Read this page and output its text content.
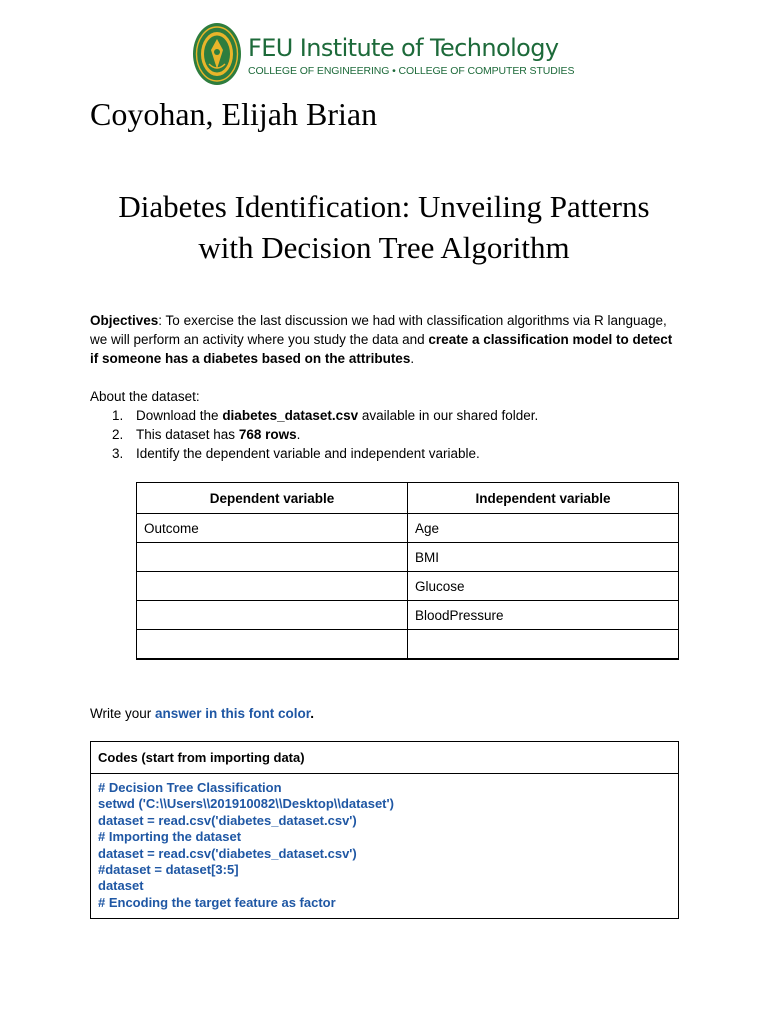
FEU Institute of Technology
COLLEGE OF ENGINEERING • COLLEGE OF COMPUTER STUDIES
Coyohan, Elijah Brian
Diabetes Identification: Unveiling Patterns
with Decision Tree Algorithm
Objectives: To exercise the last discussion we had with classification algorithms via R language, we will perform an activity where you study the data and create a classification model to detect if someone has a diabetes based on the attributes.
About the dataset:
1. Download the diabetes_dataset.csv available in our shared folder.
2. This dataset has 768 rows.
3. Identify the dependent variable and independent variable.
Dependent variable	Independent variable
Outcome	Age
	BMI
	Glucose
	BloodPressure

Write your answer in this font color.
Codes (start from importing data)
# Decision Tree Classification
setwd ('C:\\Users\\201910082\\Desktop\\dataset')
dataset = read.csv('diabetes_dataset.csv')
# Importing the dataset
dataset = read.csv('diabetes_dataset.csv')
#dataset = dataset[3:5]
dataset
# Encoding the target feature as factor
